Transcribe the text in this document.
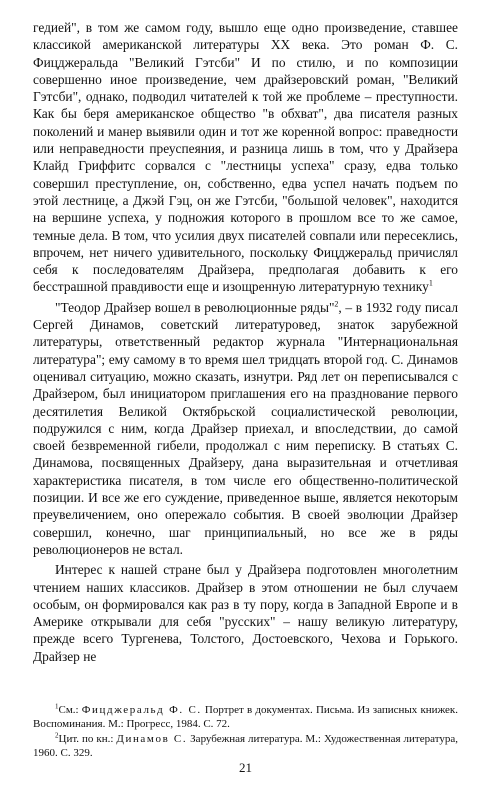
гедией", в том же самом году, вышло еще одно произведение, ставшее классикой американской литературы XX века. Это роман Ф. С. Фицджеральда "Великий Гэтсби" И по стилю, и по композиции совершенно иное произведение, чем драйзеровский роман, "Великий Гэтсби", однако, подводил читателей к той же проблеме – преступности. Как бы беря американское общество "в обхват", два писателя разных поколений и манер выявили один и тот же коренной вопрос: праведности или неправедности преуспеяния, и разница лишь в том, что у Драйзера Клайд Гриффитс сорвался с "лестницы успеха" сразу, едва только совершил преступление, он, собственно, едва успел начать подъем по этой лестнице, а Джэй Гэц, он же Гэтсби, "большой человек", находится на вершине успеха, у подножия которого в прошлом все то же самое, темные дела. В том, что усилия двух писателей совпали или пересеклись, впрочем, нет ничего удивительного, поскольку Фицджеральд причислял себя к последователям Драйзера, предполагая добавить к его бесстрашной правдивости еще и изощренную литературную технику$^1$

"Теодор Драйзер вошел в революционные ряды"$^2$, – в 1932 году писал Сергей Динамов, советский литературовед, знаток зарубежной литературы, ответственный редактор журнала "Интернациональная литература"; ему самому в то время шел тридцать второй год. С. Динамов оценивал ситуацию, можно сказать, изнутри. Ряд лет он переписывался с Драйзером, был инициатором приглашения его на празднование первого десятилетия Великой Октябрьской социалистической революции, подружился с ним, когда Драйзер приехал, и впоследствии, до самой своей безвременной гибели, продолжал с ним переписку. В статьях С. Динамова, посвященных Драйзеру, дана выразительная и отчетливая характеристика писателя, в том числе его общественно-политической позиции. И все же его суждение, приведенное выше, является некоторым преувеличением, оно опережало события. В своей эволюции Драйзер совершил, конечно, шаг принципиальный, но все же в ряды революционеров не встал.

Интерес к нашей стране был у Драйзера подготовлен многолетним чтением наших классиков. Драйзер в этом отношении не был случаем особым, он формировался как раз в ту пору, когда в Западной Европе и в Америке открывали для себя "русских" – нашу великую литературу, прежде всего Тургенева, Толстого, Достоевского, Чехова и Горького. Драйзер не

$^1$См.: Фицджеральд Ф. С. Портрет в документах. Письма. Из записных книжек. Воспоминания. М.: Прогресс, 1984. С. 72.

$^2$Цит. по кн.: Динамов С. Зарубежная литература. М.: Художественная литература, 1960. С. 329.

21
